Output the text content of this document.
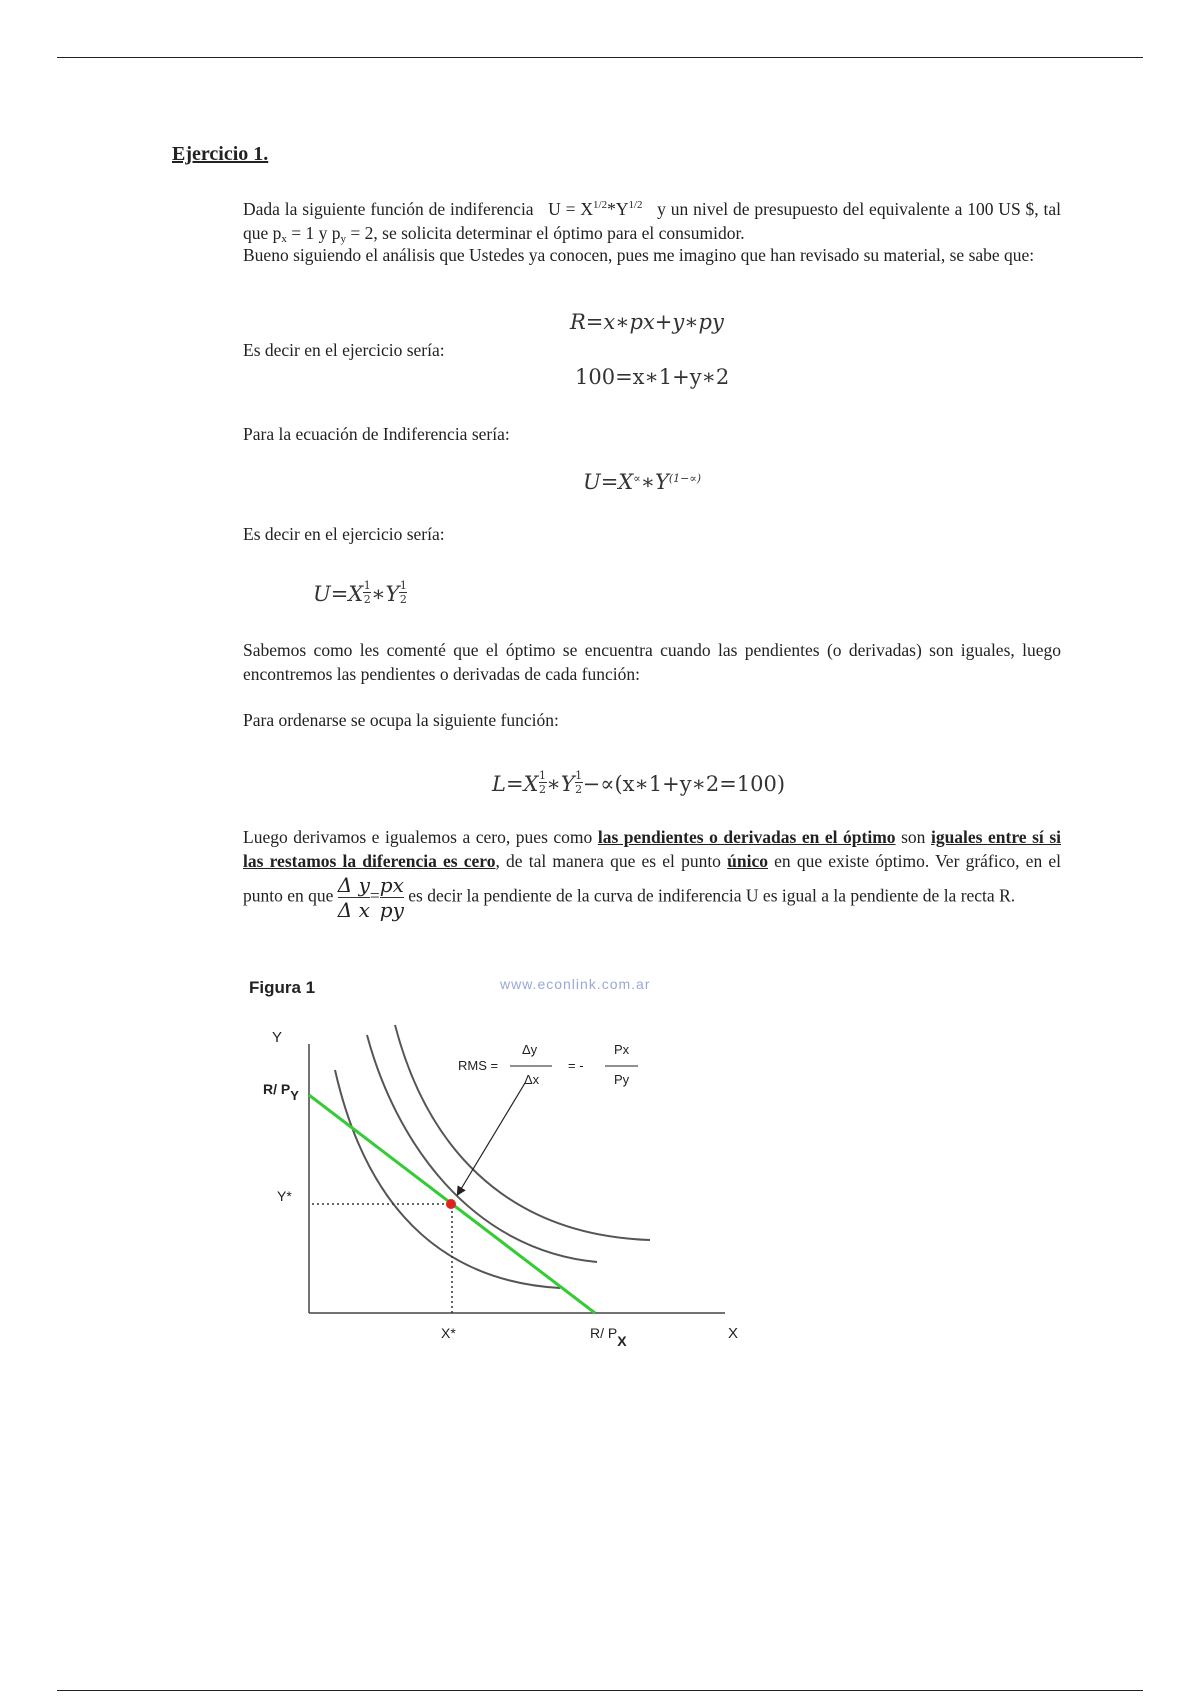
Ejercicio 1.
Dada la siguiente función de indiferencia $U = X^{1/2}*Y^{1/2}$ y un nivel de presupuesto del equivalente a 100 US $, tal que $p_x = 1$ y $p_y = 2$, se solicita determinar el óptimo para el consumidor.
Bueno siguiendo el análisis que Ustedes ya conocen, pues me imagino que han revisado su material, se sabe que:
R=x∗px+y∗py
Es decir en el ejercicio sería:
100=x∗1+y∗2
Para la ecuación de Indiferencia sería:
$U=X^\propto∗Y^{(1-\propto)}$
Es decir en el ejercicio sería:
$U=X \frac{1}{2}$ ∗Y $\frac{1}{2}$
Sabemos como les comenté que el óptimo se encuentra cuando las pendientes (o derivadas) son iguales, luego encontremos las pendientes o derivadas de cada función:
Para ordenarse se ocupa la siguiente función:
$L=X \frac{1}{2}$ ∗Y $\frac{1}{2}$ −∝(x∗1+y∗2=100)
Luego derivamos e igualemos a cero, pues como las pendientes o derivadas en el óptimo son iguales entre sí si las restamos la diferencia es cero, de tal manera que es el punto único en que existe óptimo. Ver gráfico, en el punto en que $\frac{\text{Δ y}}{\text{Δ x}} = \frac{px}{py}$ es decir la pendiente de la curva de indiferencia U es igual a la pendiente de la recta R.
Figura 1	www.econlink.com.ar
Y
X
R/ PY
Y*
X*	R/ PX
RMS =
Δy
Δx
= -
Px
Py
